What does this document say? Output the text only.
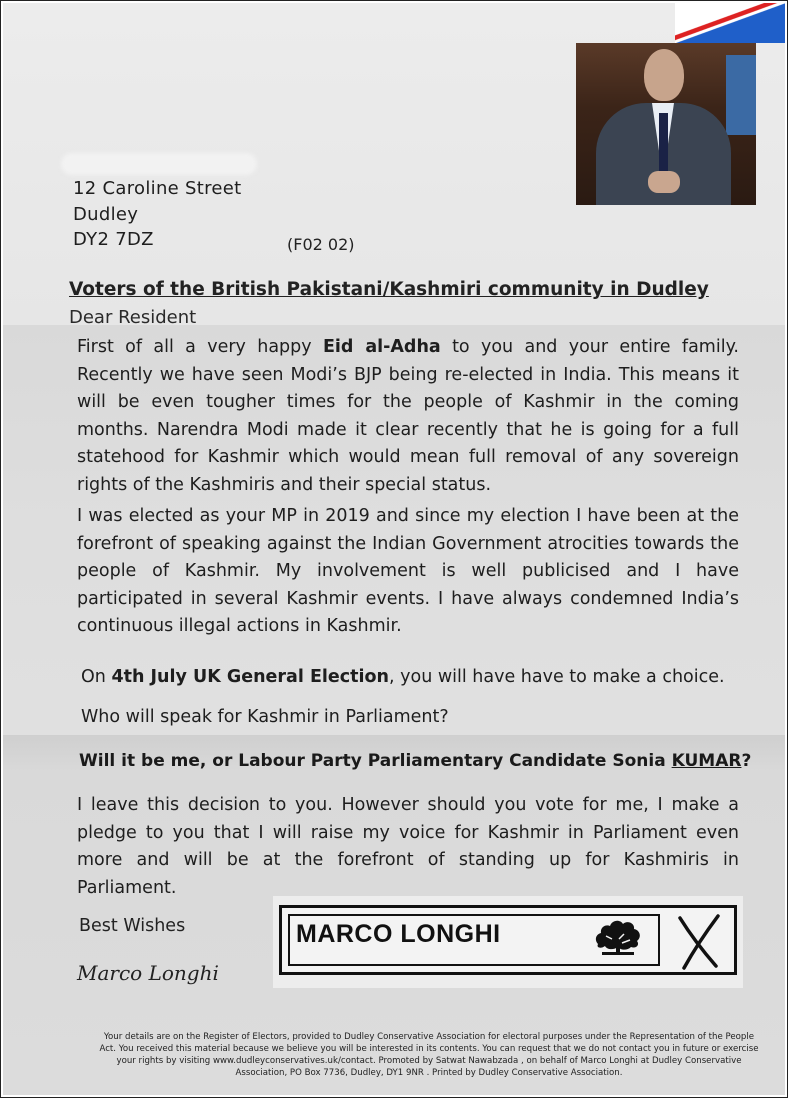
12 Caroline Street
Dudley
DY2 7DZ	(F02 02)
Voters of the British Pakistani/Kashmiri community in Dudley
Dear Resident
First of all a very happy Eid al-Adha to you and your entire family. Recently we have seen Modi’s BJP being re-elected in India. This means it will be even tougher times for the people of Kashmir in the coming months. Narendra Modi made it clear recently that he is going for a full statehood for Kashmir which would mean full removal of any sovereign rights of the Kashmiris and their special status.
I was elected as your MP in 2019 and since my election I have been at the forefront of speaking against the Indian Government atrocities towards the people of Kashmir. My involvement is well publicised and I have participated in several Kashmir events. I have always condemned India’s continuous illegal actions in Kashmir.
On 4th July UK General Election, you will have have to make a choice.
Who will speak for Kashmir in Parliament?
Will it be me, or Labour Party Parliamentary Candidate Sonia KUMAR?
I leave this decision to you. However should you vote for me, I make a pledge to you that I will raise my voice for Kashmir in Parliament even more and will be at the forefront of standing up for Kashmiris in Parliament.
Best Wishes
Marco Longhi
MARCO LONGHI
Your details are on the Register of Electors, provided to Dudley Conservative Association for electoral purposes under the Representation of the People Act. You received this material because we believe you will be interested in its contents. You can request that we do not contact you in future or exercise your rights by visiting www.dudleyconservatives.uk/contact. Promoted by Satwat Nawabzada , on behalf of Marco Longhi at Dudley Conservative Association, PO Box 7736, Dudley, DY1 9NR . Printed by Dudley Conservative Association.
